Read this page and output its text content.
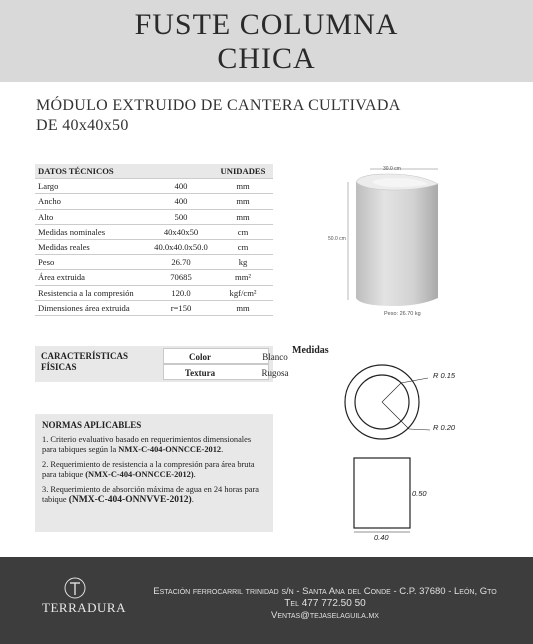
FUSTE COLUMNA
CHICA
MÓDULO EXTRUIDO DE CANTERA CULTIVADA
DE 40x40x50
DATOS TÉCNICOS	UNIDADES
Largo	400	mm
Ancho	400	mm
Alto	500	mm
Medidas nominales	40x40x50	cm
Medidas reales	40.0x40.0x50.0	cm
Peso	26.70	kg
Área extruida	70685	mm²
Resistencia a la compresión	120.0	kgf/cm²
Dimensiones área extruida	r=150	mm
30.0 cm
50.0 cm
Peso: 26.70 kg
CARACTERÍSTICAS FÍSICAS
Color	Blanco
Textura	Rugosa
Medidas
NORMAS APLICABLES
1. Criterio evaluativo basado en requerimientos dimensionales para tabiques según la NMX-C-404-ONNCCE-2012.
2. Requerimiento de resistencia a la compresión para área bruta para tabique (NMX-C-404-ONNCCE-2012).
3. Requerimiento de absorción máxima de agua en 24 horas para tabique (NMX-C-404-ONNVVE-2012).
R 0.15
R 0.20
0.50
0.40
TERRADURA
Estación ferrocarril trinidad s/n - Santa Ana del Conde - C.P. 37680 - León, Gto
Tel 477 772.50 50
Ventas@tejaselaguila.mx
